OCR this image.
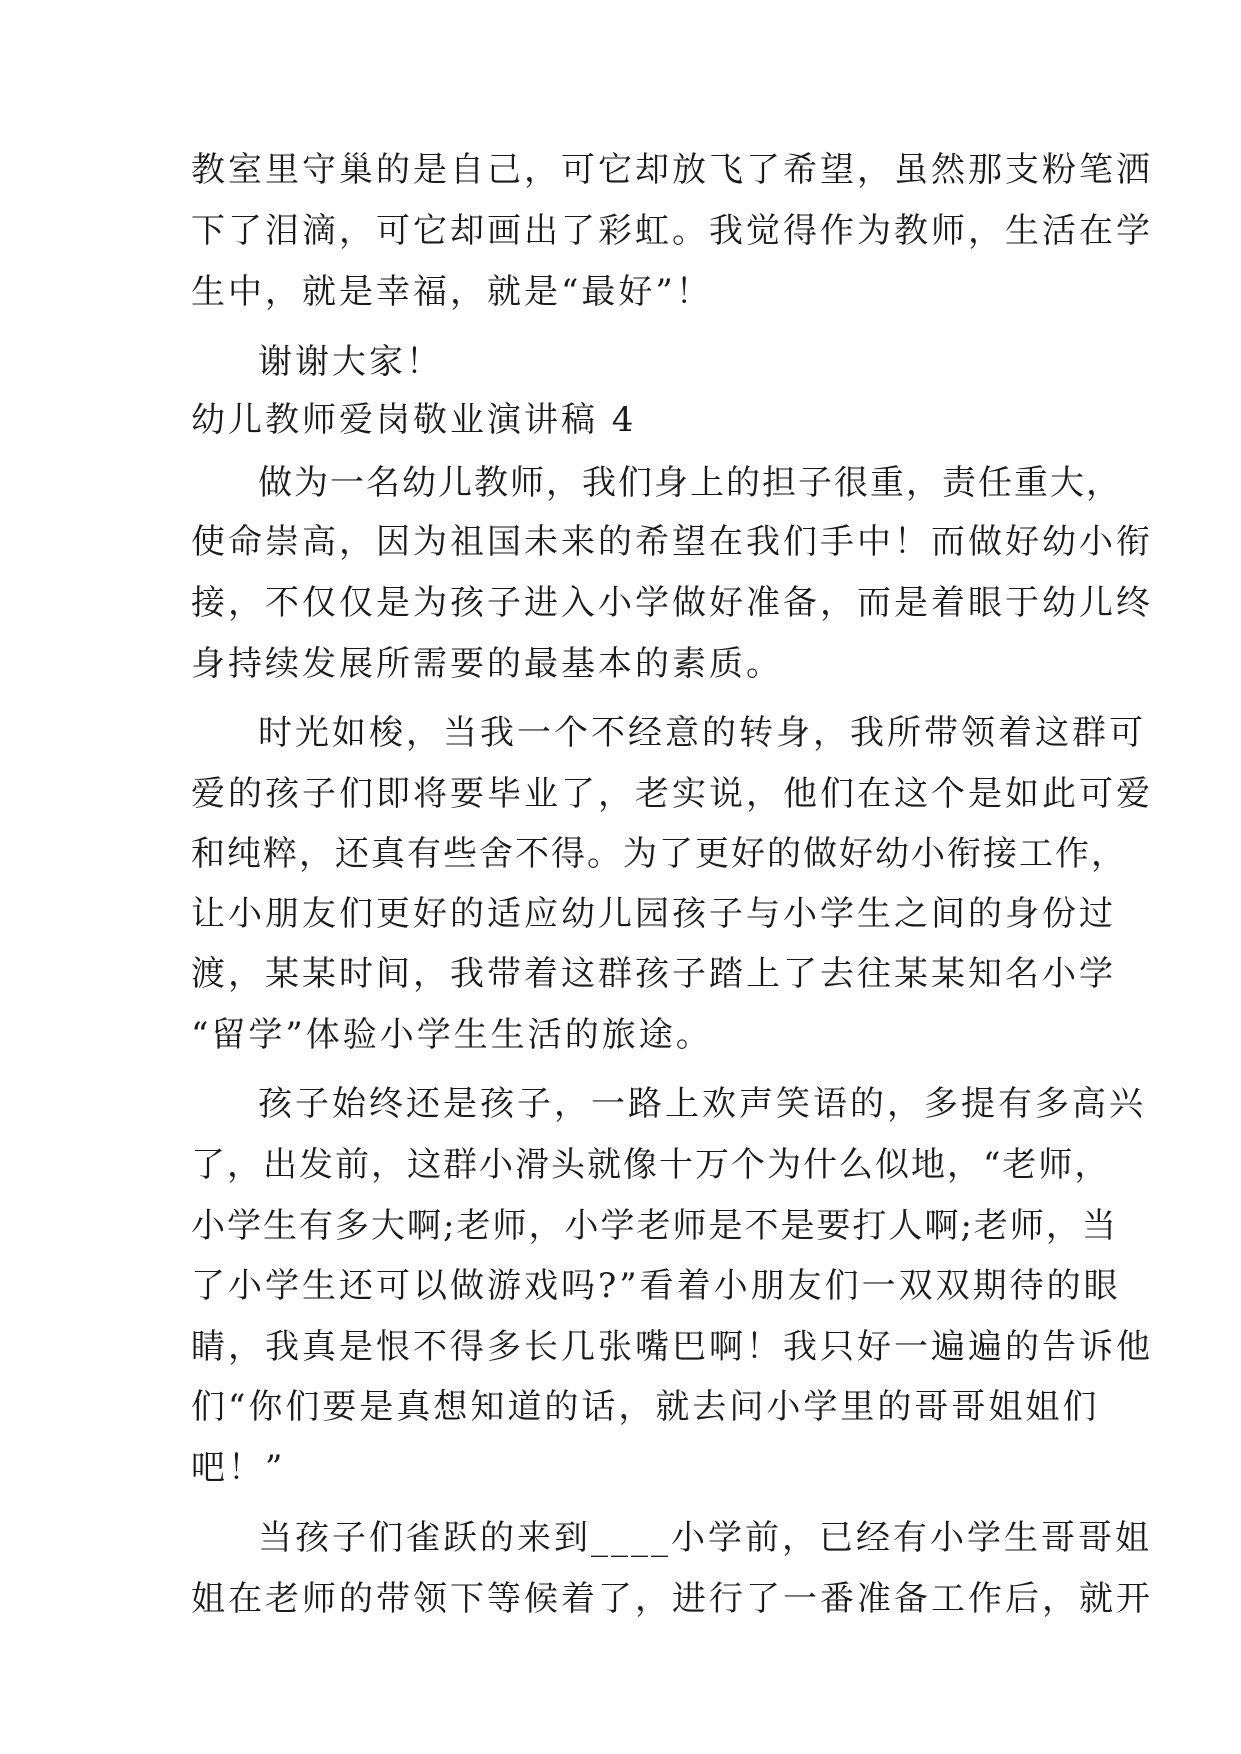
教室里守巢的是自己，可它却放飞了希望，虽然那支粉笔洒

下了泪滴，可它却画出了彩虹。我觉得作为教师，生活在学

生中，就是幸福，就是“最好”！

谢谢大家！

幼儿教师爱岗敬业演讲稿 4

做为一名幼儿教师，我们身上的担子很重，责任重大，

使命崇高，因为祖国未来的希望在我们手中！而做好幼小衔

接，不仅仅是为孩子进入小学做好准备，而是着眼于幼儿终

身持续发展所需要的最基本的素质。

时光如梭，当我一个不经意的转身，我所带领着这群可

爱的孩子们即将要毕业了，老实说，他们在这个是如此可爱

和纯粹，还真有些舍不得。为了更好的做好幼小衔接工作，

让小朋友们更好的适应幼儿园孩子与小学生之间的身份过

渡，某某时间，我带着这群孩子踏上了去往某某知名小学

“留学”体验小学生生活的旅途。

孩子始终还是孩子，一路上欢声笑语的，多提有多高兴

了，出发前，这群小滑头就像十万个为什么似地，“老师，

小学生有多大啊;老师，小学老师是不是要打人啊;老师，当

了小学生还可以做游戏吗?”看着小朋友们一双双期待的眼

睛，我真是恨不得多长几张嘴巴啊！我只好一遍遍的告诉他

们“你们要是真想知道的话，就去问小学里的哥哥姐姐们

吧！”

当孩子们雀跃的来到____小学前，已经有小学生哥哥姐

姐在老师的带领下等候着了，进行了一番准备工作后，就开
